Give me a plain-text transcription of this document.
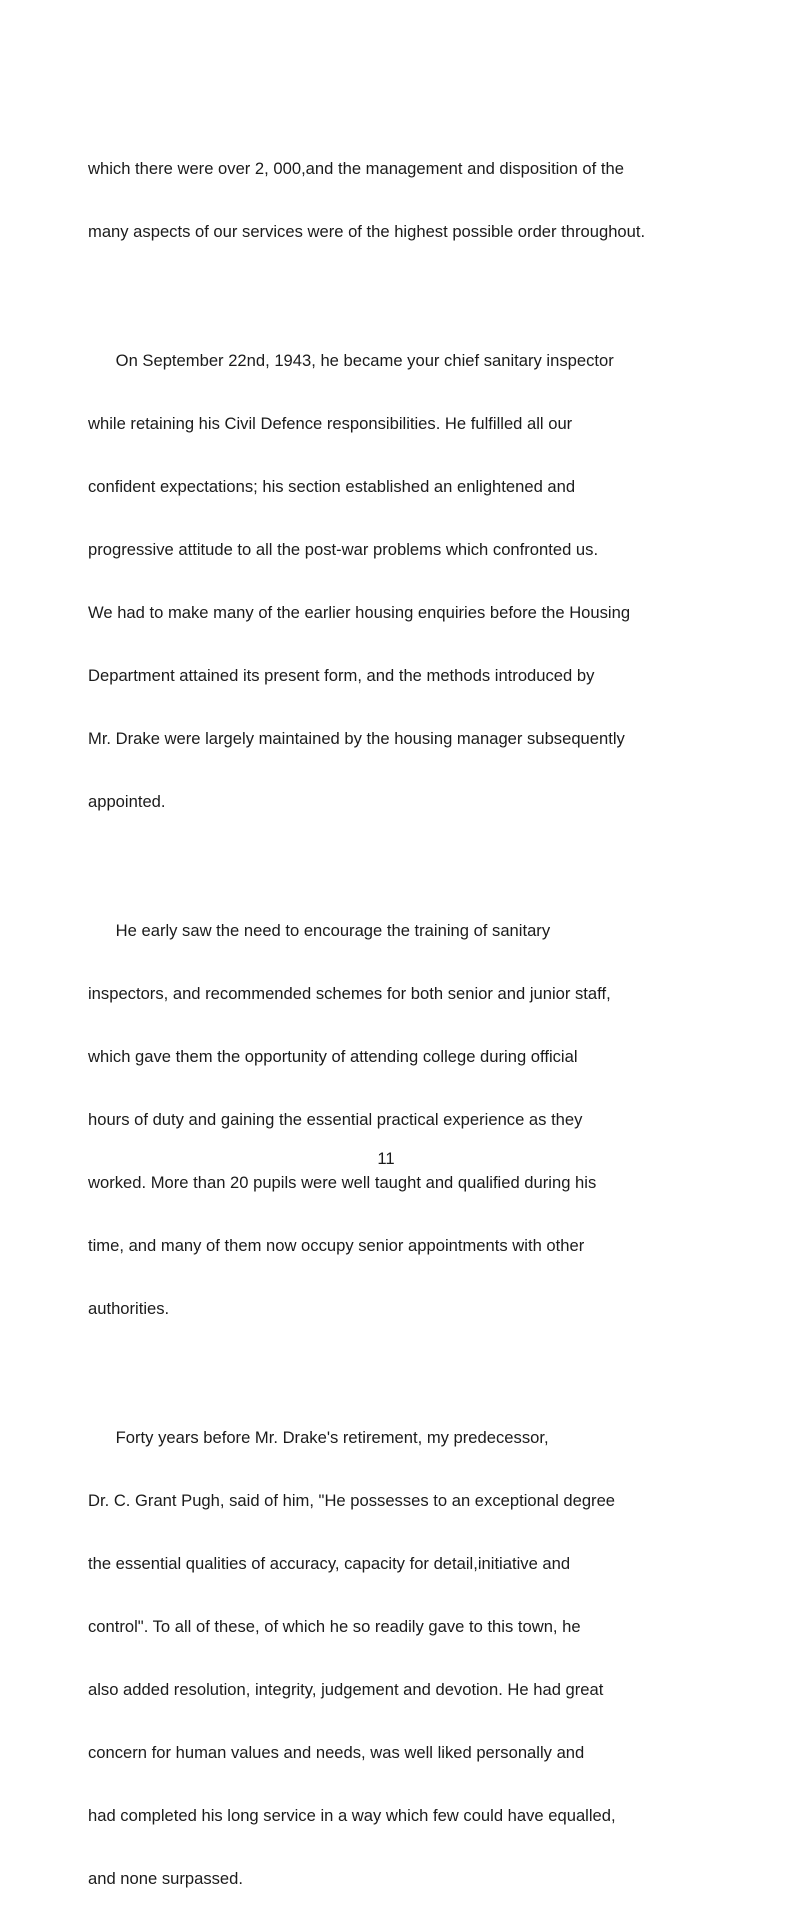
which there were over 2, 000,and the management and disposition of the

many aspects of our services were of the highest possible order throughout.

On September 22nd, 1943, he became your chief sanitary inspector

while retaining his Civil Defence responsibilities. He fulfilled all our

confident expectations; his section established an enlightened and

progressive attitude to all the post-war problems which confronted us.

We had to make many of the earlier housing enquiries before the Housing

Department attained its present form, and the methods introduced by

Mr. Drake were largely maintained by the housing manager subsequently

appointed.

He early saw the need to encourage the training of sanitary

inspectors, and recommended schemes for both senior and junior staff,

which gave them the opportunity of attending college during official

hours of duty and gaining the essential practical experience as they

worked. More than 20 pupils were well taught and qualified during his

time, and many of them now occupy senior appointments with other

authorities.

Forty years before Mr. Drake's retirement, my predecessor,

Dr. C. Grant Pugh, said of him, "He possesses to an exceptional degree

the essential qualities of accuracy, capacity for detail,initiative and

control". To all of these, of which he so readily gave to this town, he

also added resolution, integrity, judgement and devotion. He had great

concern for human values and needs, was well liked personally and

had completed his long service in a way which few could have equalled,

and none surpassed.

11
